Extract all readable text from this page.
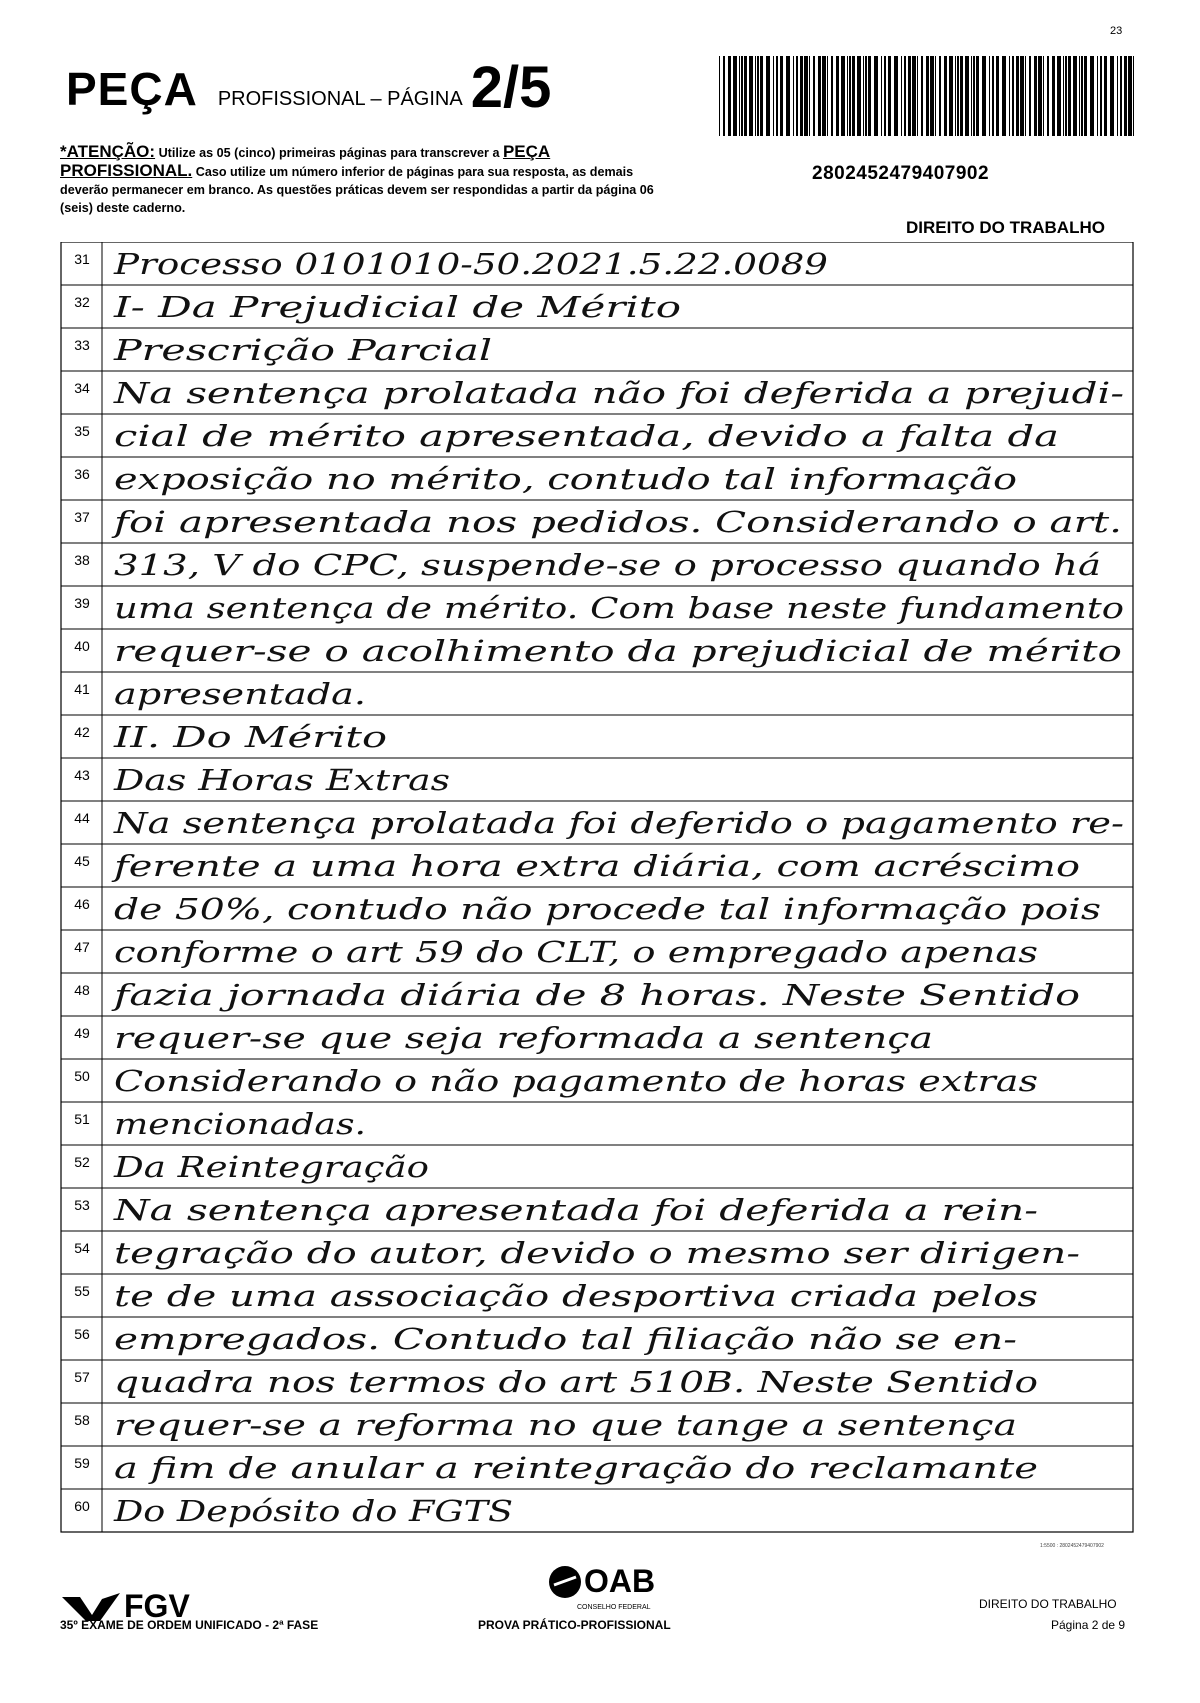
23
PEÇA PROFISSIONAL – PÁGINA 2/5
2802452479407902
*ATENÇÃO: Utilize as 05 (cinco) primeiras páginas para transcrever a PEÇA PROFISSIONAL. Caso utilize um número inferior de páginas para sua resposta, as demais deverão permanecer em branco. As questões práticas devem ser respondidas a partir da página 06 (seis) deste caderno.
DIREITO DO TRABALHO
31 Processo 0101010-50.2021.5.22.0089
32 I- Da Prejudicial de Mérito
33 Prescrição Parcial
34 Na sentença prolatada não foi deferida a prejudi-
35 cial de mérito apresentada, devido a falta da
36 exposição no mérito, contudo tal informação
37 foi apresentada nos pedidos. Considerando o art.
38 313, V do CPC, suspende-se o processo quando há
39 uma sentença de mérito. Com base neste fundamento
40 requer-se o acolhimento da prejudicial de mérito
41 apresentada.
42 II. Do Mérito
43 Das Horas Extras
44 Na sentença prolatada foi deferido o pagamento re-
45 ferente a uma hora extra diária, com acréscimo
46 de 50%, contudo não procede tal informação pois
47 conforme o art 59 do CLT, o empregado apenas
48 fazia jornada diária de 8 horas. Neste Sentido
49 requer-se que seja reformada a sentença
50 Considerando o não pagamento de horas extras
51 mencionadas.
52 Da Reintegração
53 Na sentença apresentada foi deferida a rein-
54 tegração do autor, devido o mesmo ser dirigen-
55 te de uma associação desportiva criada pelos
56 empregados. Contudo tal filiação não se en-
57 quadra nos termos do art 510B. Neste Sentido
58 requer-se a reforma no que tange a sentença
59 a fim de anular a reintegração do reclamante
60 Do Depósito do FGTS
FGV
35º EXAME DE ORDEM UNIFICADO - 2ª FASE
OAB
CONSELHO FEDERAL
PROVA PRÁTICO-PROFISSIONAL
DIREITO DO TRABALHO
Página 2 de 9
1:5500 : 2802452479407902
